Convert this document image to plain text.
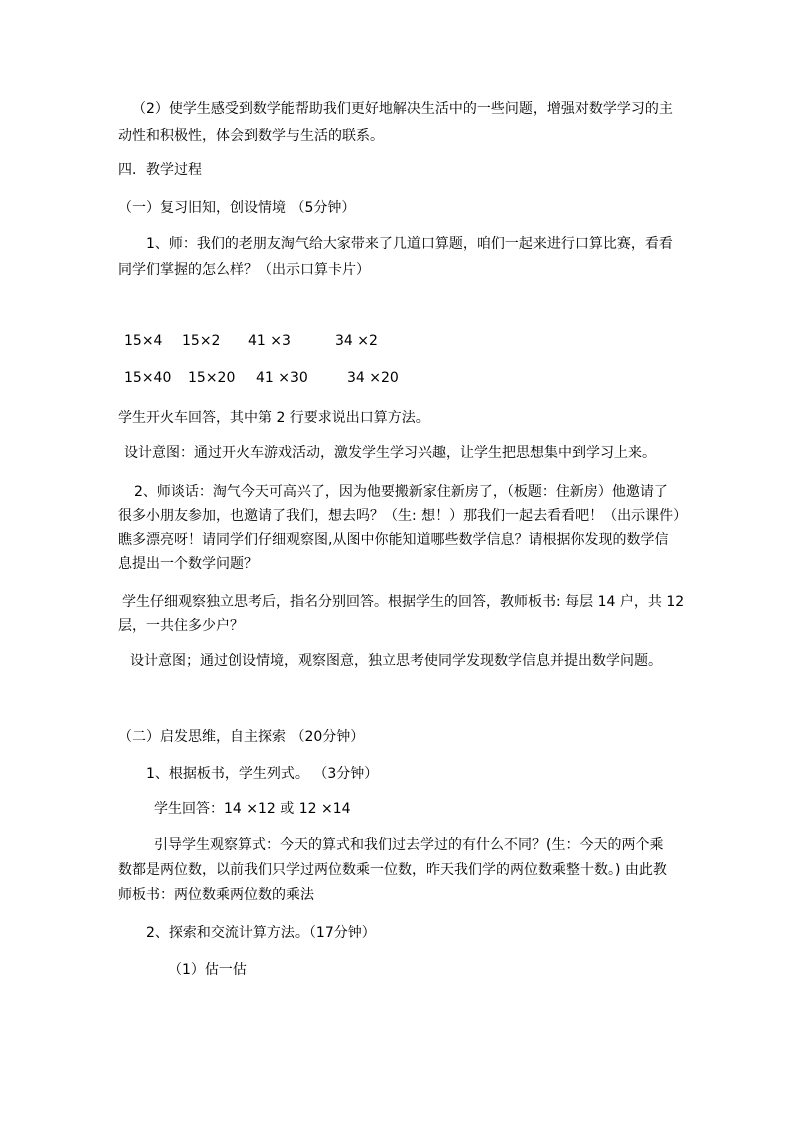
（2）使学生感受到数学能帮助我们更好地解决生活中的一些问题，增强对数学学习的主
动性和积极性，体会到数学与生活的联系。
四．教学过程
（一）复习旧知，创设情境 （5分钟）
1、师：我们的老朋友淘气给大家带来了几道口算题，咱们一起来进行口算比赛，看看
同学们掌握的怎么样？（出示口算卡片）
15×4 15×2 41 ×3	34 ×2
15×40 15×20 41 ×30	34 ×20
学生开火车回答，其中第 2 行要求说出口算方法。
设计意图：通过开火车游戏活动，激发学生学习兴趣，让学生把思想集中到学习上来。
2、师谈话：淘气今天可高兴了，因为他要搬新家住新房了，（板题：住新房）他邀请了
很多小朋友参加，也邀请了我们，想去吗？（生: 想！）那我们一起去看看吧！（出示课件）
瞧多漂亮呀！请同学们仔细观察图,从图中你能知道哪些数学信息？请根据你发现的数学信
息提出一个数学问题？
学生仔细观察独立思考后，指名分别回答。根据学生的回答，教师板书: 每层 14 户，共 12
层，一共住多少户？
设计意图；通过创设情境，观察图意，独立思考使同学发现数学信息并提出数学问题。
（二）启发思维，自主探索 （20分钟）
1、根据板书，学生列式。 （3分钟）
学生回答：14 ×12 或 12 ×14
引导学生观察算式：今天的算式和我们过去学过的有什么不同？(生：今天的两个乘
数都是两位数，以前我们只学过两位数乘一位数，昨天我们学的两位数乘整十数。) 由此教
师板书：两位数乘两位数的乘法
2、探索和交流计算方法。（17分钟）
（1）估一估
